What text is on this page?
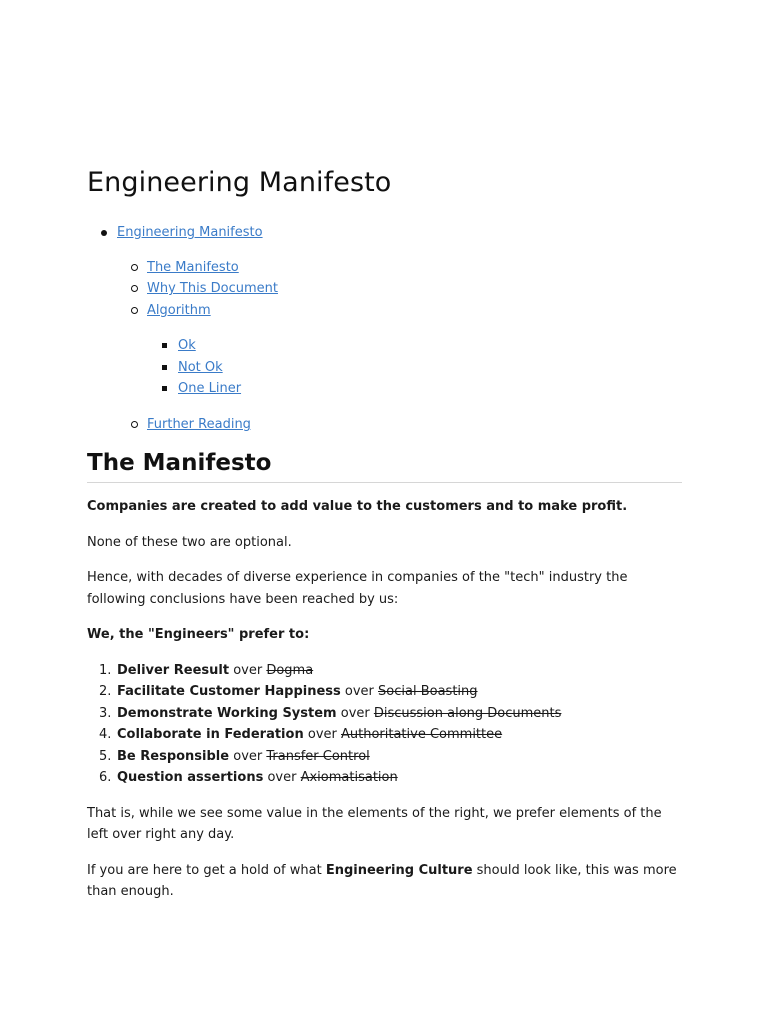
Engineering Manifesto
Engineering Manifesto
The Manifesto
Why This Document
Algorithm
Ok
Not Ok
One Liner
Further Reading
The Manifesto

Companies are created to add value to the customers and to make profit.

None of these two are optional.

Hence, with decades of diverse experience in companies of the "tech" industry the following conclusions have been reached by us:

We, the "Engineers" prefer to:

1. Deliver Reesult over Dogma
2. Facilitate Customer Happiness over Social Boasting
3. Demonstrate Working System over Discussion along Documents
4. Collaborate in Federation over Authoritative Committee
5. Be Responsible over Transfer Control
6. Question assertions over Axiomatisation

That is, while we see some value in the elements of the right, we prefer elements of the left over right any day.

If you are here to get a hold of what Engineering Culture should look like, this was more than enough.
